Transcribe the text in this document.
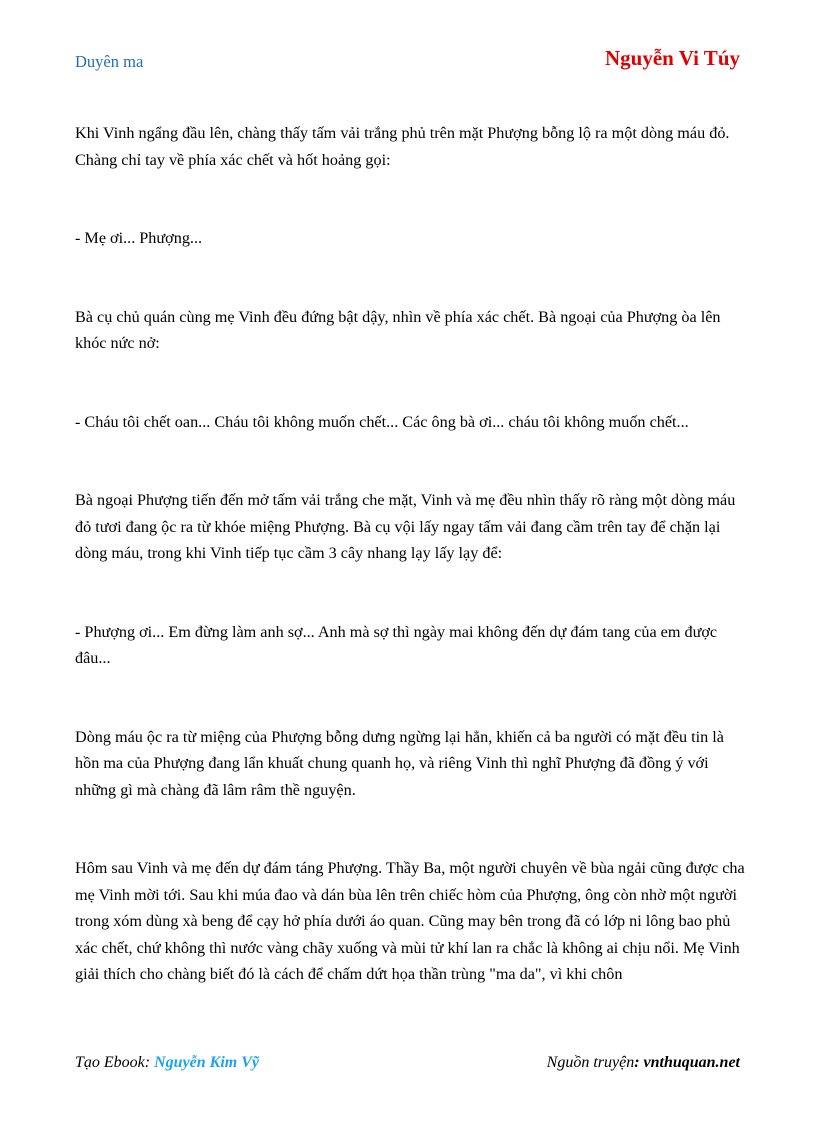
Duyên ma	Nguyễn Vi Túy

Khi Vinh ngẩng đầu lên, chàng thấy tấm vải trắng phủ trên mặt Phượng bỗng lộ ra một dòng máu đỏ. Chàng chỉ tay về phía xác chết và hốt hoảng gọi:

- Mẹ ơi... Phượng...

Bà cụ chủ quán cùng mẹ Vinh đều đứng bật dậy, nhìn về phía xác chết. Bà ngoại của Phượng òa lên khóc nức nở:

- Cháu tôi chết oan... Cháu tôi không muốn chết... Các ông bà ơi... cháu tôi không muốn chết...

Bà ngoại Phượng tiến đến mở tấm vải trắng che mặt, Vinh và mẹ đều nhìn thấy rõ ràng một dòng máu đỏ tươi đang ộc ra từ khóe miệng Phượng. Bà cụ vội lấy ngay tấm vải đang cầm trên tay để chặn lại dòng máu, trong khi Vinh tiếp tục cầm 3 cây nhang lạy lấy lạy để:

- Phượng ơi... Em đừng làm anh sợ... Anh mà sợ thì ngày mai không đến dự đám tang của em được đâu...

Dòng máu ộc ra từ miệng của Phượng bỗng dưng ngừng lại hẳn, khiến cả ba người có mặt đều tin là hồn ma của Phượng đang lẩn khuất chung quanh họ, và riêng Vinh thì nghĩ Phượng đã đồng ý với những gì mà chàng đã lâm râm thề nguyện.

Hôm sau Vinh và mẹ đến dự đám táng Phượng. Thầy Ba, một người chuyên về bùa ngải cũng được cha mẹ Vinh mời tới. Sau khi múa đao và dán bùa lên trên chiếc hòm của Phượng, ông còn nhờ một người trong xóm dùng xà beng để cạy hở phía dưới áo quan. Cũng may bên trong đã có lớp ni lông bao phủ xác chết, chứ không thì nước vàng chãy xuống và mùi tử khí lan ra chắc là không ai chịu nổi. Mẹ Vinh giải thích cho chàng biết đó là cách để chấm dứt họa thần trùng "ma da", vì khi chôn

Tạo Ebook: Nguyễn Kim Vỹ	Nguồn truyện: vnthuquan.net
